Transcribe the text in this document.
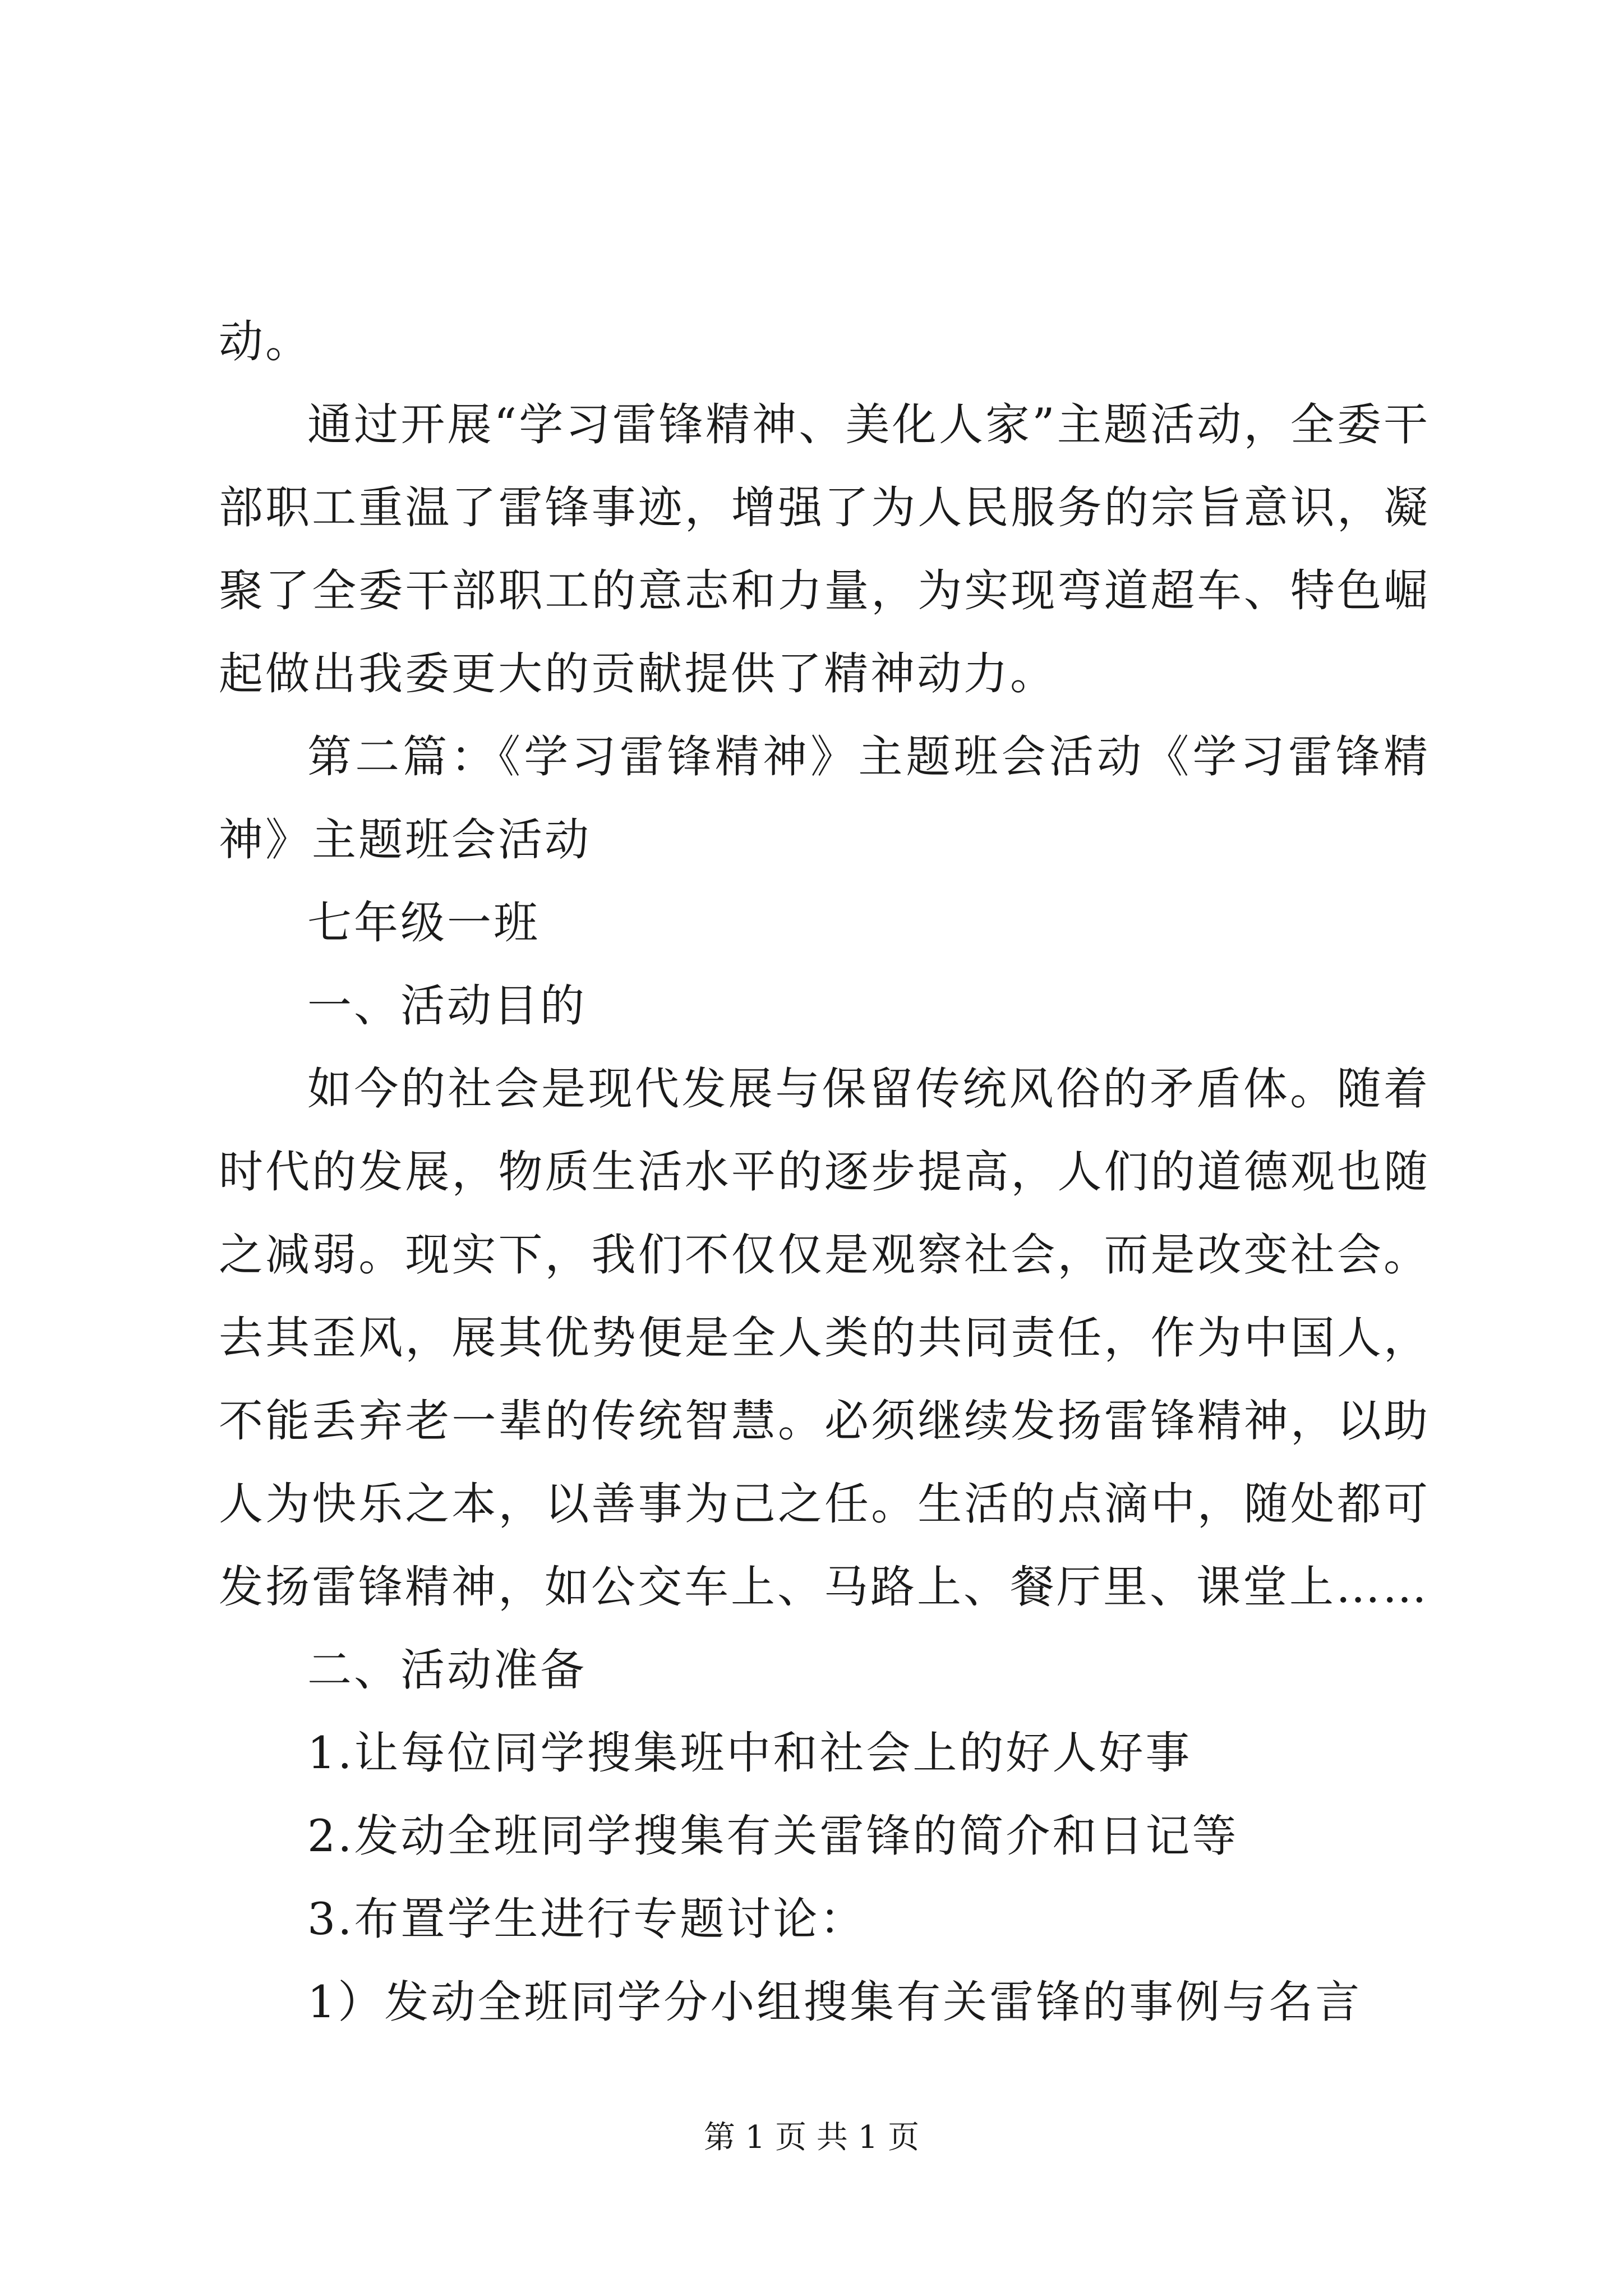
动。

通过开展“学习雷锋精神、美化人家”主题活动，全委干部职工重温了雷锋事迹，增强了为人民服务的宗旨意识，凝聚了全委干部职工的意志和力量，为实现弯道超车、特色崛起做出我委更大的贡献提供了精神动力。

第二篇：《学习雷锋精神》主题班会活动《学习雷锋精神》主题班会活动

七年级一班

一、活动目的

如今的社会是现代发展与保留传统风俗的矛盾体。随着时代的发展，物质生活水平的逐步提高，人们的道德观也随之减弱。现实下，我们不仅仅是观察社会，而是改变社会。去其歪风，展其优势便是全人类的共同责任，作为中国人，不能丢弃老一辈的传统智慧。必须继续发扬雷锋精神，以助人为快乐之本，以善事为己之任。生活的点滴中，随处都可发扬雷锋精神，如公交车上、马路上、餐厅里、课堂上……

二、活动准备

1.让每位同学搜集班中和社会上的好人好事

2.发动全班同学搜集有关雷锋的简介和日记等

3.布置学生进行专题讨论：

1）发动全班同学分小组搜集有关雷锋的事例与名言

第 1 页 共 1 页
